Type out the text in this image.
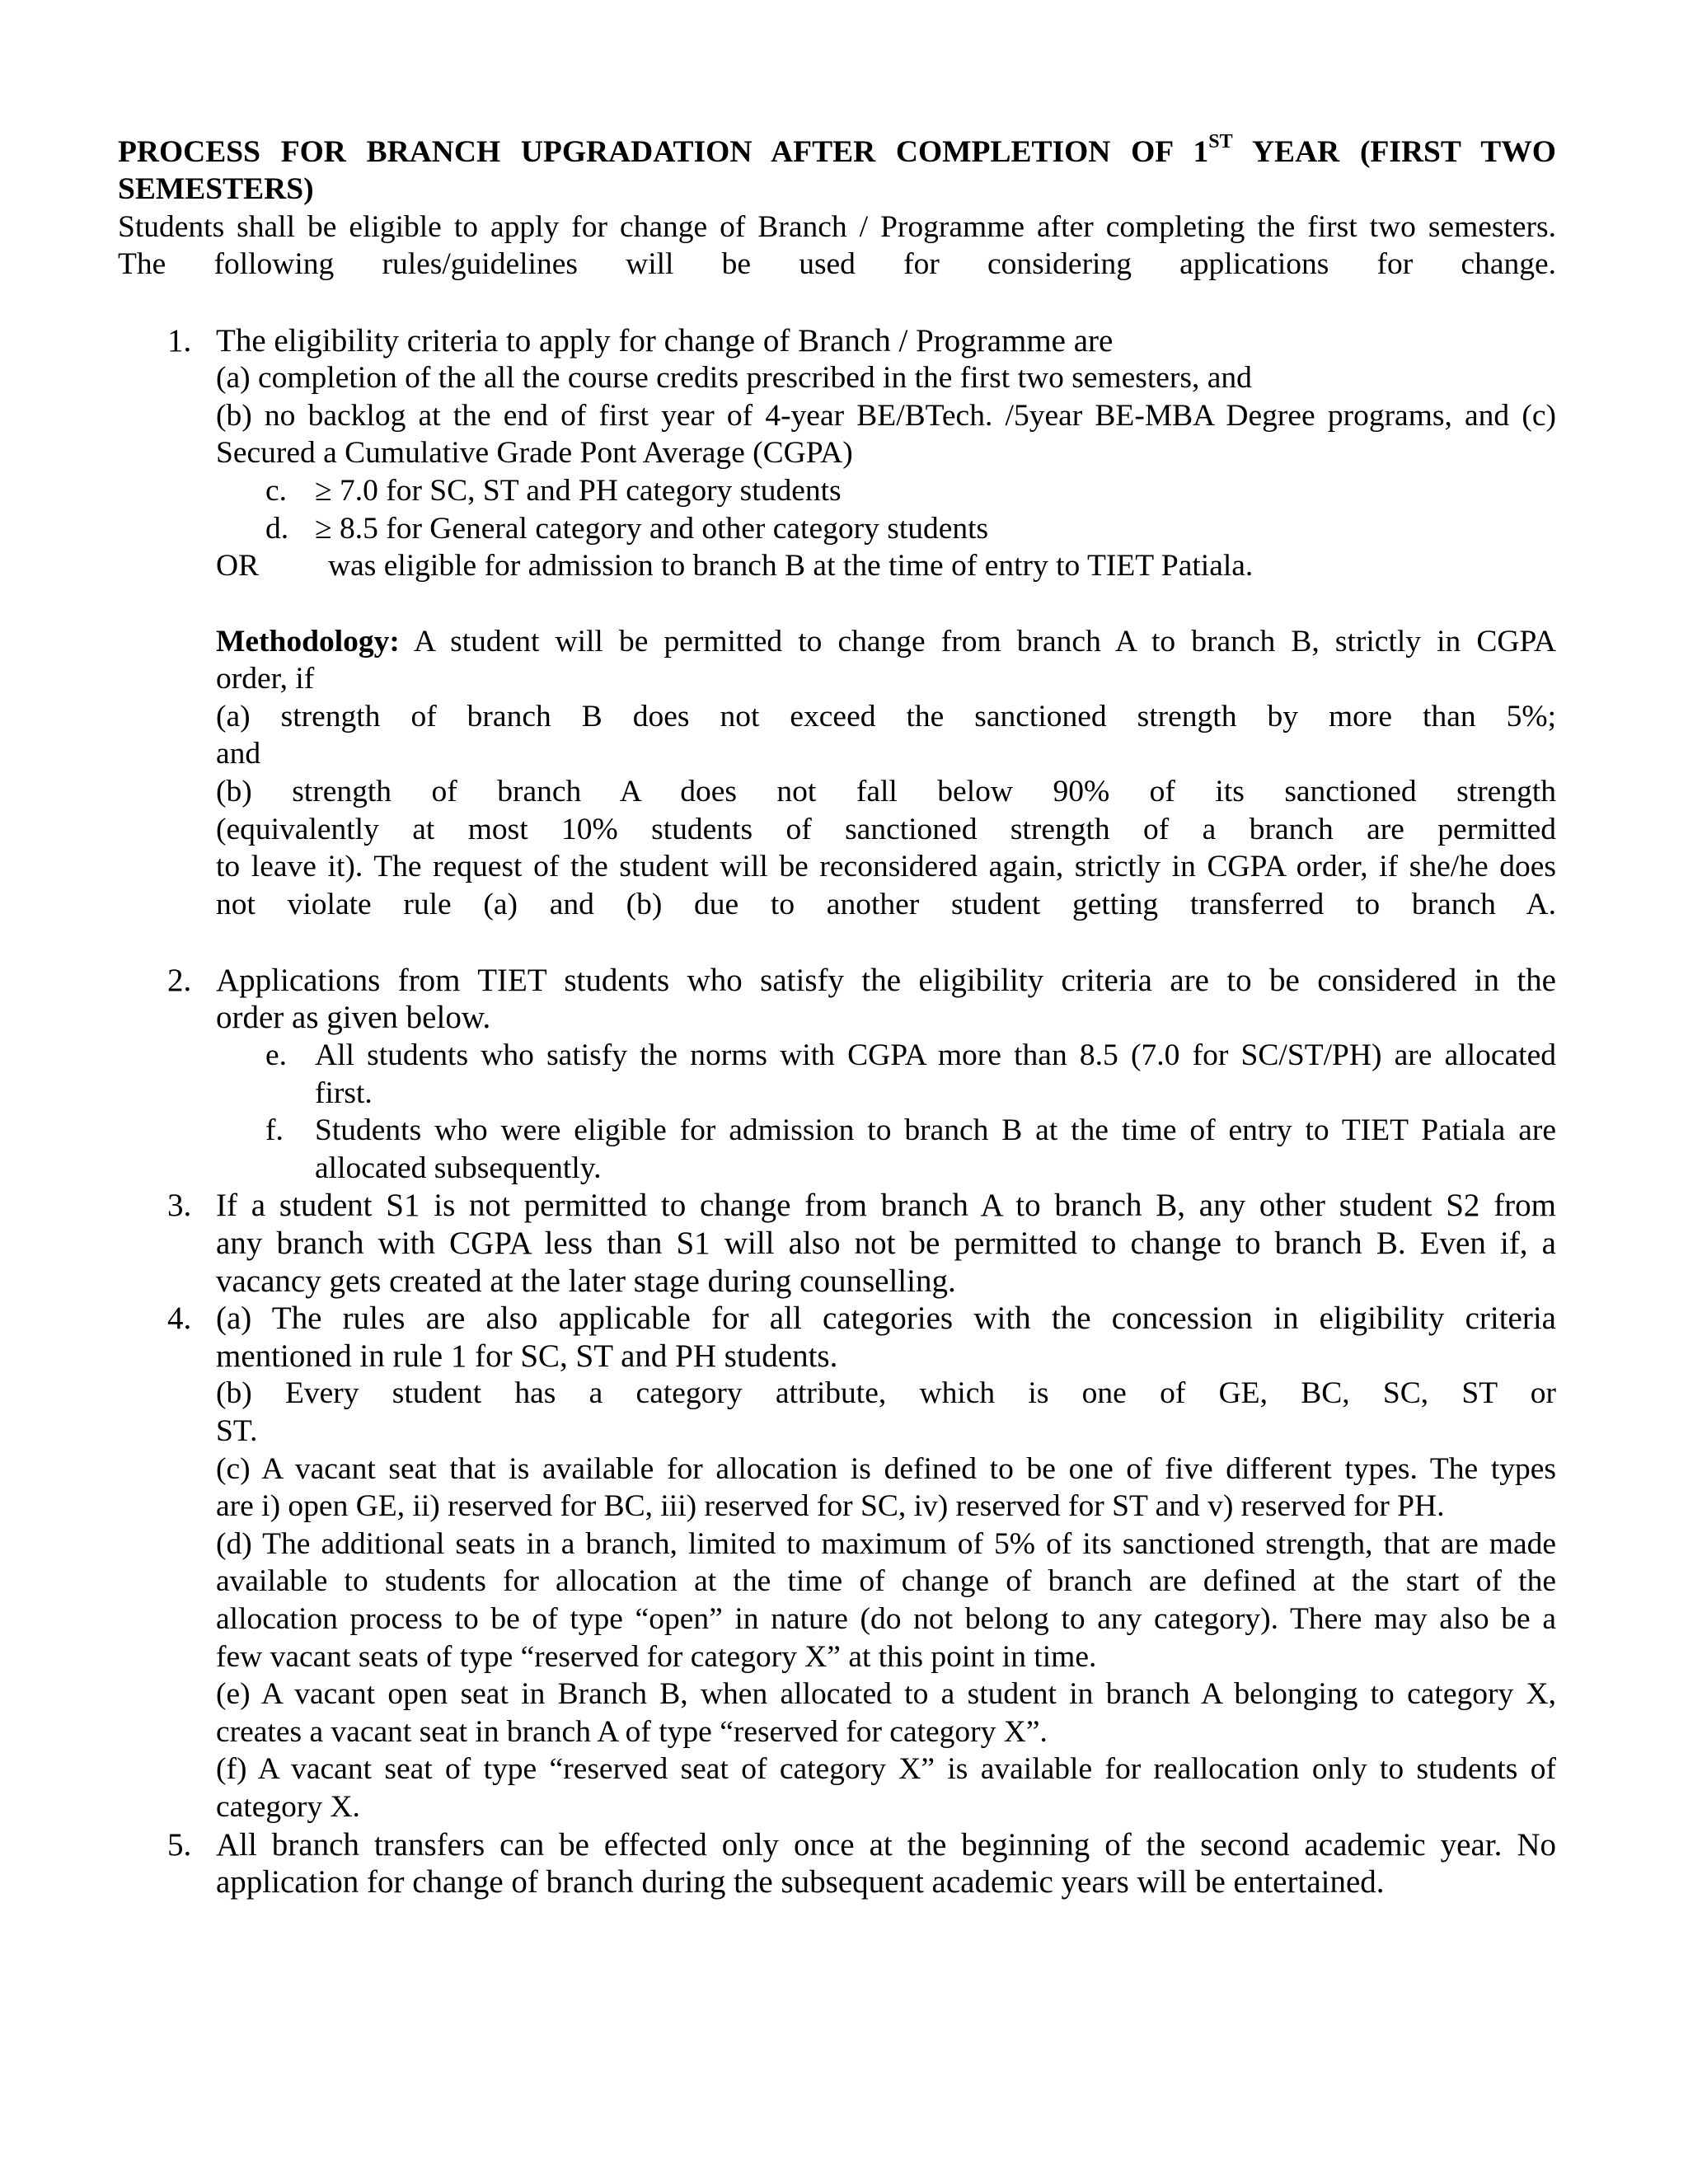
PROCESS FOR BRANCH UPGRADATION AFTER COMPLETION OF 1ST YEAR (FIRST TWO
SEMESTERS)
Students shall be eligible to apply for change of Branch / Programme after completing the first two semesters.
The following rules/guidelines will be used for considering applications for change.
1. The eligibility criteria to apply for change of Branch / Programme are
(a) completion of the all the course credits prescribed in the first two semesters, and
(b) no backlog at the end of first year of 4-year BE/BTech. /5year BE-MBA Degree programs, and (c)
Secured a Cumulative Grade Pont Average (CGPA)
c. ≥ 7.0 for SC, ST and PH category students
d. ≥ 8.5 for General category and other category students
OR was eligible for admission to branch B at the time of entry to TIET Patiala.
Methodology: A student will be permitted to change from branch A to branch B, strictly in CGPA
order, if
(a) strength of branch B does not exceed the sanctioned strength by more than 5%;
and
(b) strength of branch A does not fall below 90% of its sanctioned strength
(equivalently at most 10% students of sanctioned strength of a branch are permitted
to leave it). The request of the student will be reconsidered again, strictly in CGPA order, if she/he does
not violate rule (a) and (b) due to another student getting transferred to branch A.
2. Applications from TIET students who satisfy the eligibility criteria are to be considered in the
order as given below.
e. All students who satisfy the norms with CGPA more than 8.5 (7.0 for SC/ST/PH) are allocated
first.
f. Students who were eligible for admission to branch B at the time of entry to TIET Patiala are
allocated subsequently.
3. If a student S1 is not permitted to change from branch A to branch B, any other student S2 from
any branch with CGPA less than S1 will also not be permitted to change to branch B. Even if, a
vacancy gets created at the later stage during counselling.
4. (a) The rules are also applicable for all categories with the concession in eligibility criteria
mentioned in rule 1 for SC, ST and PH students.
(b) Every student has a category attribute, which is one of GE, BC, SC, ST or
ST.
(c) A vacant seat that is available for allocation is defined to be one of five different types. The types
are i) open GE, ii) reserved for BC, iii) reserved for SC, iv) reserved for ST and v) reserved for PH.
(d) The additional seats in a branch, limited to maximum of 5% of its sanctioned strength, that are made
available to students for allocation at the time of change of branch are defined at the start of the
allocation process to be of type “open” in nature (do not belong to any category). There may also be a
few vacant seats of type “reserved for category X” at this point in time.
(e) A vacant open seat in Branch B, when allocated to a student in branch A belonging to category X,
creates a vacant seat in branch A of type “reserved for category X”.
(f) A vacant seat of type “reserved seat of category X” is available for reallocation only to students of
category X.
5. All branch transfers can be effected only once at the beginning of the second academic year. No
application for change of branch during the subsequent academic years will be entertained.
